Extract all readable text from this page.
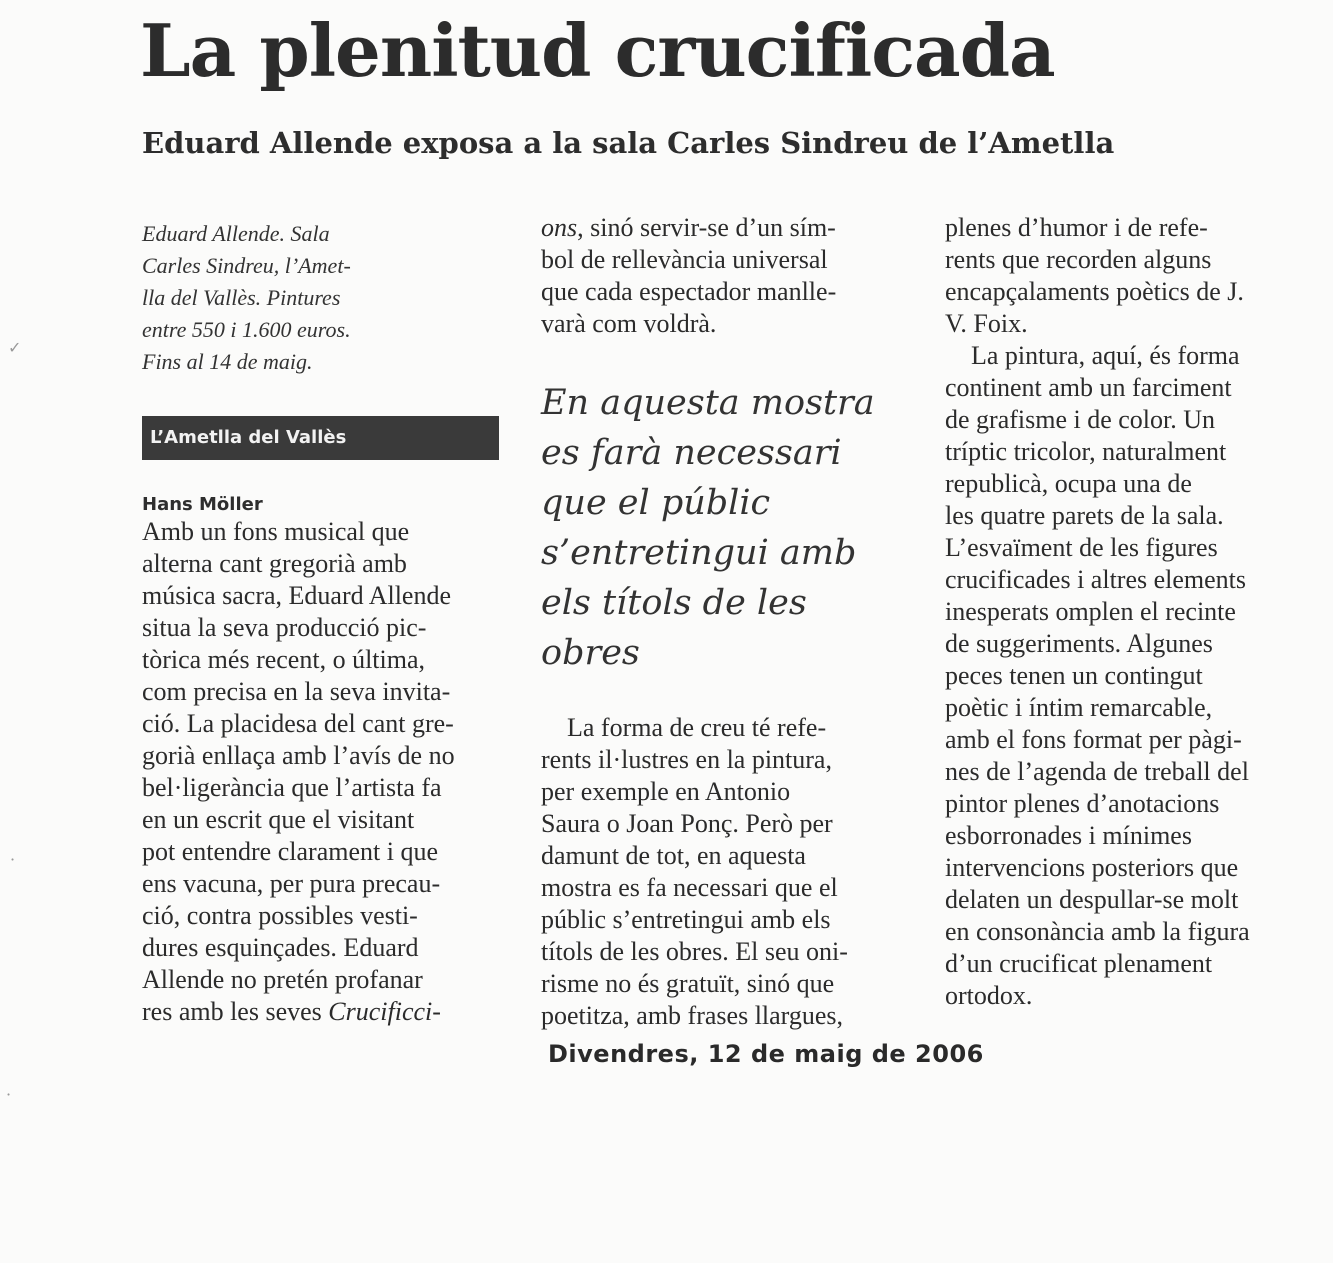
La plenitud crucificada
Eduard Allende exposa a la sala Carles Sindreu de l’Ametlla

Eduard Allende. Sala
Carles Sindreu, l’Amet-
lla del Vallès. Pintures
entre 550 i 1.600 euros.
Fins al 14 de maig.

L’Ametlla del Vallès
Hans Möller
Amb un fons musical que
alterna cant gregorià amb
música sacra, Eduard Allende
situa la seva producció pic-
tòrica més recent, o última,
com precisa en la seva invita-
ció. La placidesa del cant gre-
gorià enllaça amb l’avís de no
bel·ligerància que l’artista fa
en un escrit que el visitant
pot entendre clarament i que
ens vacuna, per pura precau-
ció, contra possibles vesti-
dures esquinçades. Eduard
Allende no pretén profanar
res amb les seves Crucificci-
ons, sinó servir-se d’un sím-
bol de rellevància universal
que cada espectador manlle-
varà com voldrà.
En aquesta mostra
es farà necessari
que el públic
s’entretingui amb
els títols de les
obres
La forma de creu té refe-
rents il·lustres en la pintura,
per exemple en Antonio
Saura o Joan Ponç. Però per
damunt de tot, en aquesta
mostra es fa necessari que el
públic s’entretingui amb els
títols de les obres. El seu oni-
risme no és gratuït, sinó que
poetitza, amb frases llargues,
plenes d’humor i de refe-
rents que recorden alguns
encapçalaments poètics de J.
V. Foix.
La pintura, aquí, és forma
continent amb un farciment
de grafisme i de color. Un
tríptic tricolor, naturalment
republicà, ocupa una de
les quatre parets de la sala.
L’esvaïment de les figures
crucificades i altres elements
inesperats omplen el recinte
de suggeriments. Algunes
peces tenen un contingut
poètic i íntim remarcable,
amb el fons format per pàgi-
nes de l’agenda de treball del
pintor plenes d’anotacions
esborronades i mínimes
intervencions posteriors que
delaten un despullar-se molt
en consonància amb la figura
d’un crucificat plenament
ortodox.
Divendres, 12 de maig de 2006
✓
·
·
